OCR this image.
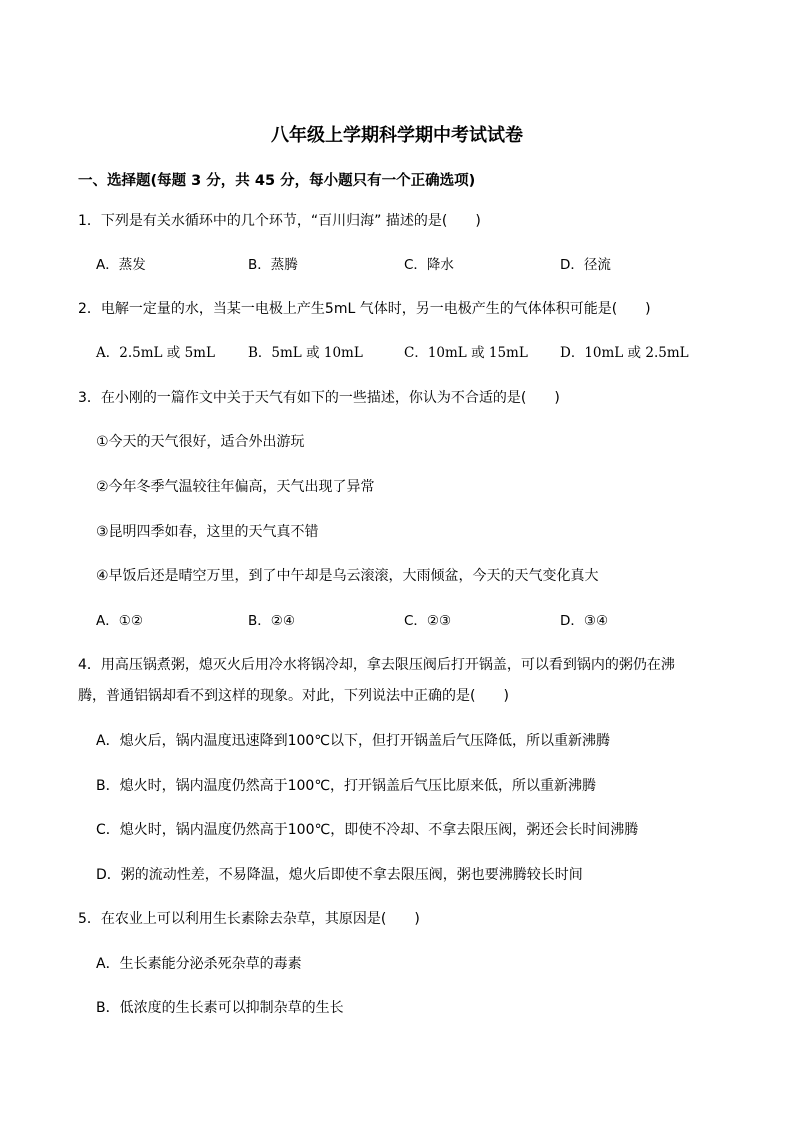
八年级上学期科学期中考试试卷
一、选择题(每题 3 分，共 45 分，每小题只有一个正确选项)
1．下列是有关水循环中的几个环节，“百川归海” 描述的是(　　)
A．蒸发	B．蒸腾	C．降水	D．径流
2．电解一定量的水，当某一电极上产生5mL 气体时，另一电极产生的气体体积可能是(　　)
A．2.5mL 或 5mL B．5mL 或 10mL	C．10mL 或 15mL D．10mL 或 2.5mL
3．在小刚的一篇作文中关于天气有如下的一些描述，你认为不合适的是(　　)
①今天的天气很好，适合外出游玩
②今年冬季气温较往年偏高，天气出现了异常
③昆明四季如春，这里的天气真不错
④早饭后还是晴空万里，到了中午却是乌云滚滚，大雨倾盆，今天的天气变化真大
A．①②	B．②④	C．②③	D．③④
4．用高压锅煮粥，熄灭火后用冷水将锅冷却，拿去限压阀后打开锅盖，可以看到锅内的粥仍在沸
腾，普通铝锅却看不到这样的现象。对此，下列说法中正确的是(　　)
A．熄火后，锅内温度迅速降到100℃以下，但打开锅盖后气压降低，所以重新沸腾
B．熄火时，锅内温度仍然高于100℃，打开锅盖后气压比原来低，所以重新沸腾
C．熄火时，锅内温度仍然高于100℃，即使不冷却、不拿去限压阀，粥还会长时间沸腾
D．粥的流动性差，不易降温，熄火后即使不拿去限压阀，粥也要沸腾较长时间
5．在农业上可以利用生长素除去杂草，其原因是(　　)
A．生长素能分泌杀死杂草的毒素
B．低浓度的生长素可以抑制杂草的生长
